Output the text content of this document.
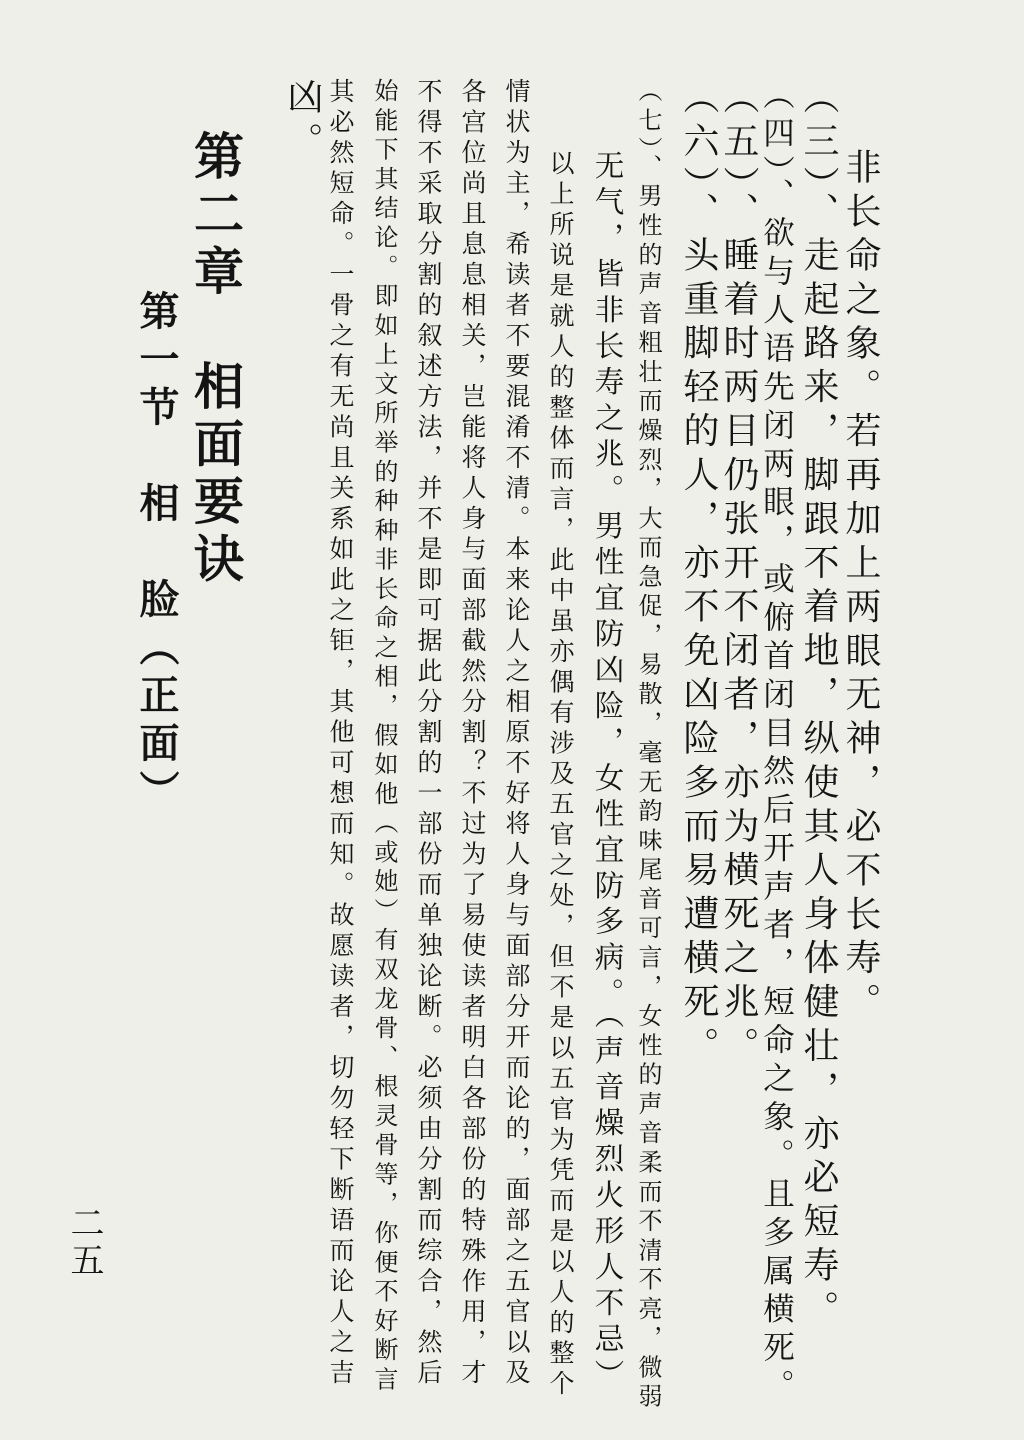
非长命之象。若再加上两眼无神，必不长寿。
（三）、走起路来，脚跟不着地，纵使其人身体健壮，亦必短寿。
（四）、欲与人语先闭两眼，或俯首闭目然后开声者，短命之象。且多属横死。
（五）、睡着时两目仍张开不闭者，亦为横死之兆。
（六）、头重脚轻的人，亦不免凶险多而易遭横死。
（七）、男性的声音粗壮而燥烈，大而急促，易散，毫无韵味尾音可言，女性的声音柔而不清不亮，微弱
无气，皆非长寿之兆。男性宜防凶险，女性宜防多病。（声音燥烈火形人不忌）
以上所说是就人的整体而言，此中虽亦偶有涉及五官之处，但不是以五官为凭而是以人的整个
情状为主，希读者不要混淆不清。本来论人之相原不好将人身与面部分开而论的，面部之五官以及
各宫位尚且息息相关，岂能将人身与面部截然分割？不过为了易使读者明白各部份的特殊作用，才
不得不采取分割的叙述方法，并不是即可据此分割的一部份而单独论断。必须由分割而综合，然后
始能下其结论。即如上文所举的种种非长命之相，假如他（或她）有双龙骨、根灵骨等，你便不好断言
其必然短命。一骨之有无尚且关系如此之钜，其他可想而知。故愿读者，切勿轻下断语而论人之吉
凶。
第二章　相面要诀
第一节　相　脸（正面）
二五
